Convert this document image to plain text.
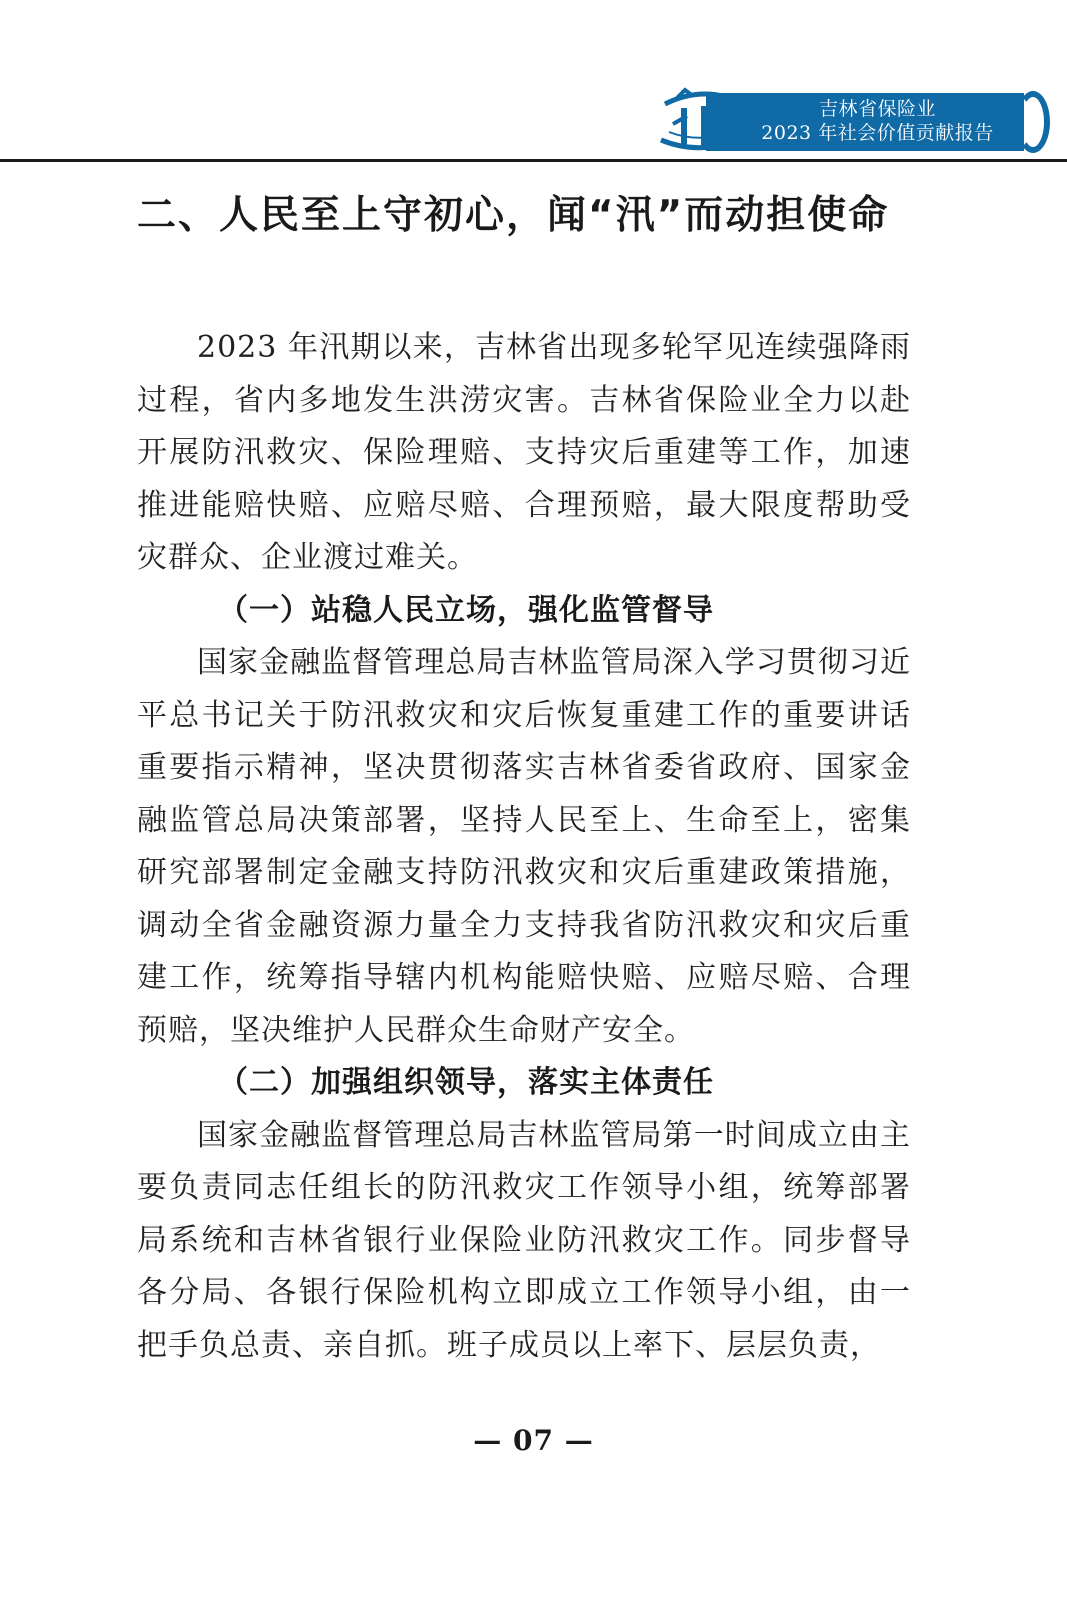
吉林省保险业
2023 年社会价值贡献报告
二、人民至上守初心，闻“汛”而动担使命

2023 年汛期以来，吉林省出现多轮罕见连续强降雨过程，省内多地发生洪涝灾害。吉林省保险业全力以赴开展防汛救灾、保险理赔、支持灾后重建等工作，加速推进能赔快赔、应赔尽赔、合理预赔，最大限度帮助受灾群众、企业渡过难关。

（一）站稳人民立场，强化监管督导

国家金融监督管理总局吉林监管局深入学习贯彻习近平总书记关于防汛救灾和灾后恢复重建工作的重要讲话重要指示精神，坚决贯彻落实吉林省委省政府、国家金融监管总局决策部署，坚持人民至上、生命至上，密集研究部署制定金融支持防汛救灾和灾后重建政策措施，调动全省金融资源力量全力支持我省防汛救灾和灾后重建工作，统筹指导辖内机构能赔快赔、应赔尽赔、合理预赔，坚决维护人民群众生命财产安全。

（二）加强组织领导，落实主体责任

国家金融监督管理总局吉林监管局第一时间成立由主要负责同志任组长的防汛救灾工作领导小组，统筹部署局系统和吉林省银行业保险业防汛救灾工作。同步督导各分局、各银行保险机构立即成立工作领导小组，由一把手负总责、亲自抓。班子成员以上率下、层层负责，

— 07 —
